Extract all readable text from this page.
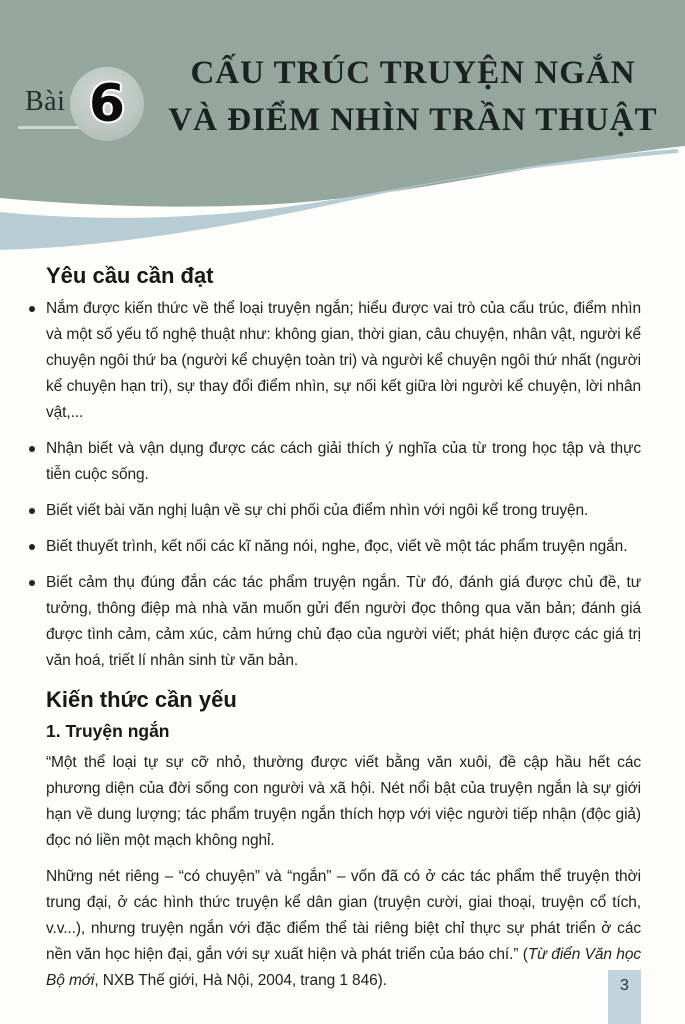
Bài 6
CẤU TRÚC TRUYỆN NGẮN
VÀ ĐIỂM NHÌN TRẦN THUẬT
Yêu cầu cần đạt
Nắm được kiến thức về thể loại truyện ngắn; hiểu được vai trò của cấu trúc, điểm nhìn và một số yếu tố nghệ thuật như: không gian, thời gian, câu chuyện, nhân vật, người kể chuyện ngôi thứ ba (người kể chuyện toàn tri) và người kể chuyện ngôi thứ nhất (người kể chuyện hạn tri), sự thay đổi điểm nhìn, sự nối kết giữa lời người kể chuyện, lời nhân vật,...
Nhận biết và vận dụng được các cách giải thích ý nghĩa của từ trong học tập và thực tiễn cuộc sống.
Biết viết bài văn nghị luận về sự chi phối của điểm nhìn với ngôi kể trong truyện.
Biết thuyết trình, kết nối các kĩ năng nói, nghe, đọc, viết về một tác phẩm truyện ngắn.
Biết cảm thụ đúng đắn các tác phẩm truyện ngắn. Từ đó, đánh giá được chủ đề, tư tưởng, thông điệp mà nhà văn muốn gửi đến người đọc thông qua văn bản; đánh giá được tình cảm, cảm xúc, cảm hứng chủ đạo của người viết; phát hiện được các giá trị văn hoá, triết lí nhân sinh từ văn bản.
Kiến thức cần yếu
1. Truyện ngắn

“Một thể loại tự sự cỡ nhỏ, thường được viết bằng văn xuôi, đề cập hầu hết các phương diện của đời sống con người và xã hội. Nét nổi bật của truyện ngắn là sự giới hạn về dung lượng; tác phẩm truyện ngắn thích hợp với việc người tiếp nhận (độc giả) đọc nó liền một mạch không nghỉ.

Những nét riêng – “có chuyện” và “ngắn” – vốn đã có ở các tác phẩm thể truyện thời trung đại, ở các hình thức truyện kể dân gian (truyện cười, giai thoại, truyện cổ tích, v.v...), nhưng truyện ngắn với đặc điểm thể tài riêng biệt chỉ thực sự phát triển ở các nền văn học hiện đại, gắn với sự xuất hiện và phát triển của báo chí.” (Từ điển Văn học Bộ mới, NXB Thế giới, Hà Nội, 2004, trang 1 846).	3
